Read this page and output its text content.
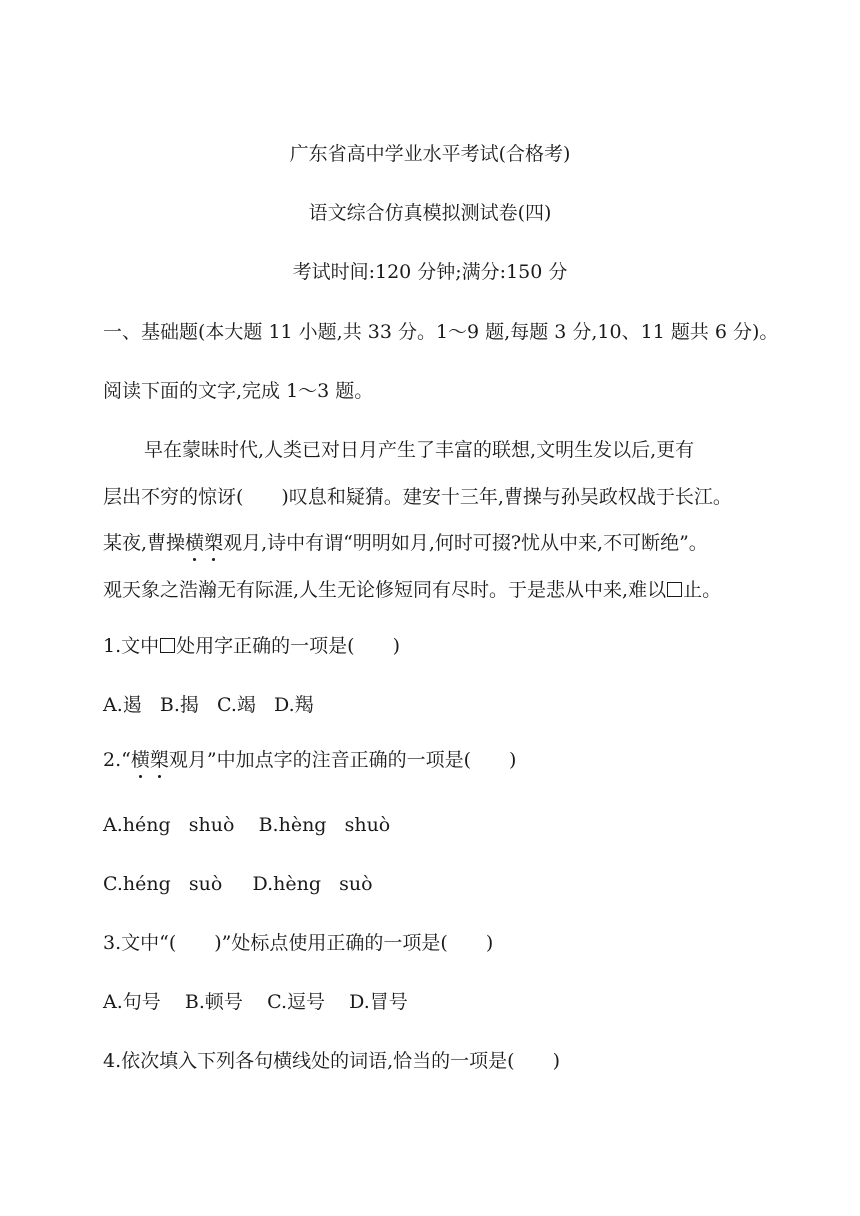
广东省高中学业水平考试(合格考)
语文综合仿真模拟测试卷(四)
考试时间:120 分钟;满分:150 分
一、基础题(本大题 11 小题,共 33 分。1～9 题,每题 3 分,10、11 题共 6 分)。
阅读下面的文字,完成 1～3 题。
早在蒙昧时代,人类已对日月产生了丰富的联想,文明生发以后,更有
层出不穷的惊讶( )叹息和疑猜。建安十三年,曹操与孙吴政权战于长江。
某夜,曹操横槊观月,诗中有谓“明明如月,何时可掇?忧从中来,不可断绝”。
观天象之浩瀚无有际涯,人生无论修短同有尽时。于是悲从中来,难以 止。
1.文中 处用字正确的一项是( )
A.遏   B.揭   C.竭   D.羯
2.“横槊观月”中加点字的注音正确的一项是( )
A.héng   shuò    B.hèng   shuò
C.héng   suò     D.hèng   suò
3.文中“( )”处标点使用正确的一项是( )
A.句号    B.顿号    C.逗号    D.冒号
4.依次填入下列各句横线处的词语,恰当的一项是( )
